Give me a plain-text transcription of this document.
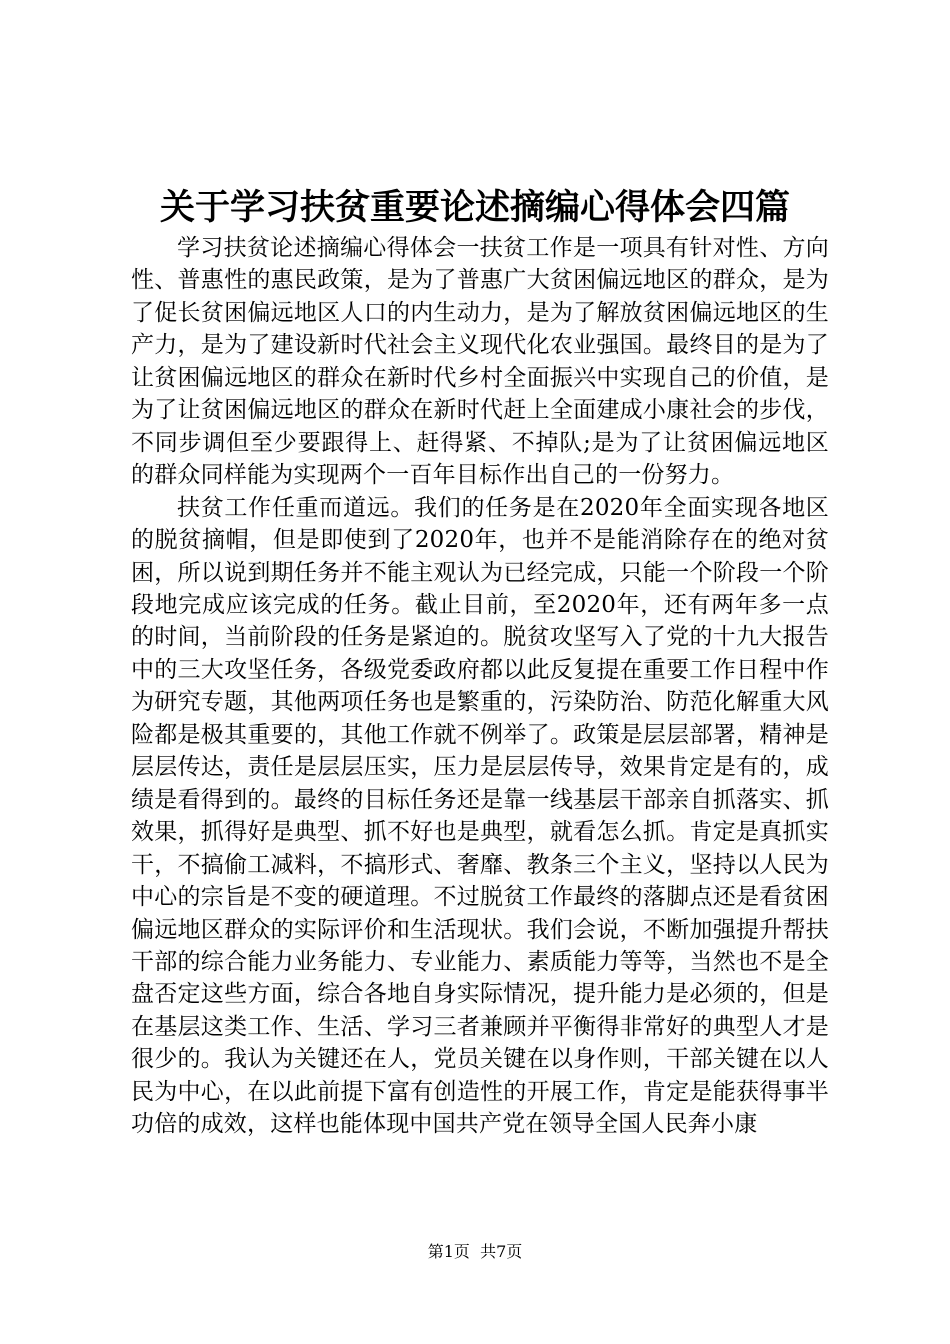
关于学习扶贫重要论述摘编心得体会四篇

学习扶贫论述摘编心得体会一扶贫工作是一项具有针对性、方向性、普惠性的惠民政策，是为了普惠广大贫困偏远地区的群众，是为了促长贫困偏远地区人口的内生动力，是为了解放贫困偏远地区的生产力，是为了建设新时代社会主义现代化农业强国。最终目的是为了让贫困偏远地区的群众在新时代乡村全面振兴中实现自己的价值，是为了让贫困偏远地区的群众在新时代赶上全面建成小康社会的步伐，不同步调但至少要跟得上、赶得紧、不掉队;是为了让贫困偏远地区的群众同样能为实现两个一百年目标作出自己的一份努力。

扶贫工作任重而道远。我们的任务是在2020年全面实现各地区的脱贫摘帽，但是即使到了2020年，也并不是能消除存在的绝对贫困，所以说到期任务并不能主观认为已经完成，只能一个阶段一个阶段地完成应该完成的任务。截止目前，至2020年，还有两年多一点的时间，当前阶段的任务是紧迫的。脱贫攻坚写入了党的十九大报告中的三大攻坚任务，各级党委政府都以此反复提在重要工作日程中作为研究专题，其他两项任务也是繁重的，污染防治、防范化解重大风险都是极其重要的，其他工作就不例举了。政策是层层部署，精神是层层传达，责任是层层压实，压力是层层传导，效果肯定是有的，成绩是看得到的。最终的目标任务还是靠一线基层干部亲自抓落实、抓效果，抓得好是典型、抓不好也是典型，就看怎么抓。肯定是真抓实干，不搞偷工减料，不搞形式、奢靡、教条三个主义，坚持以人民为中心的宗旨是不变的硬道理。不过脱贫工作最终的落脚点还是看贫困偏远地区群众的实际评价和生活现状。我们会说，不断加强提升帮扶干部的综合能力业务能力、专业能力、素质能力等等，当然也不是全盘否定这些方面，综合各地自身实际情况，提升能力是必须的，但是在基层这类工作、生活、学习三者兼顾并平衡得非常好的典型人才是很少的。我认为关键还在人，党员关键在以身作则，干部关键在以人民为中心，在以此前提下富有创造性的开展工作，肯定是能获得事半功倍的成效，这样也能体现中国共产党在领导全国人民奔小康

第1页 共7页
